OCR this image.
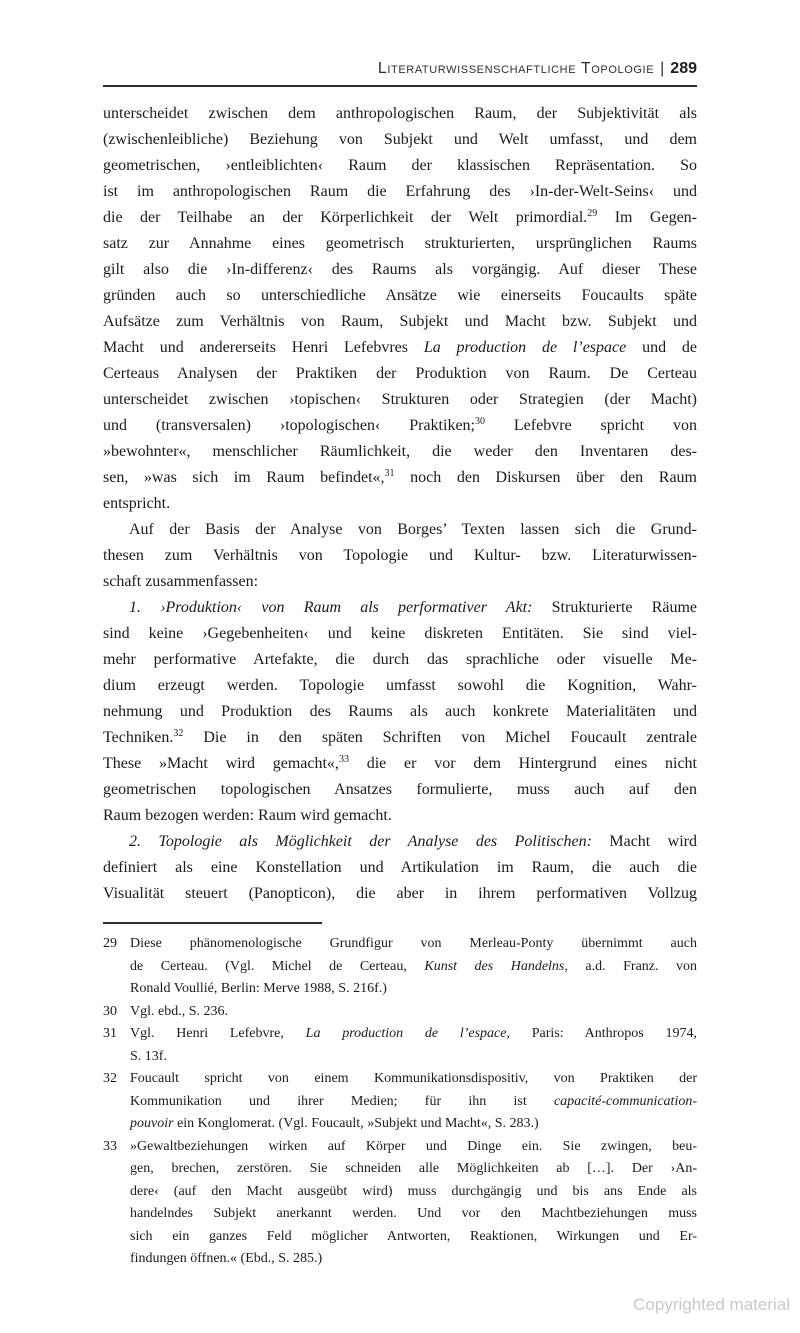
Literaturwissenschaftliche Topologie | 289
unterscheidet zwischen dem anthropologischen Raum, der Subjektivität als
(zwischenleibliche) Beziehung von Subjekt und Welt umfasst, und dem
geometrischen, ›entleiblichten‹ Raum der klassischen Repräsentation. So
ist im anthropologischen Raum die Erfahrung des ›In-der-Welt-Seins‹ und
die der Teilhabe an der Körperlichkeit der Welt primordial.$^{29}$ Im Gegen-
satz zur Annahme eines geometrisch strukturierten, ursprünglichen Raums
gilt also die ›In-differenz‹ des Raums als vorgängig. Auf dieser These
gründen auch so unterschiedliche Ansätze wie einerseits Foucaults späte
Aufsätze zum Verhältnis von Raum, Subjekt und Macht bzw. Subjekt und
Macht und andererseits Henri Lefebvres La production de l’espace und de
Certeaus Analysen der Praktiken der Produktion von Raum. De Certeau
unterscheidet zwischen ›topischen‹ Strukturen oder Strategien (der Macht)
und (transversalen) ›topologischen‹ Praktiken;$^{30}$ Lefebvre spricht von
»bewohnter«, menschlicher Räumlichkeit, die weder den Inventaren des-
sen, »was sich im Raum befindet«,$^{31}$ noch den Diskursen über den Raum
entspricht.
Auf der Basis der Analyse von Borges’ Texten lassen sich die Grund-
thesen zum Verhältnis von Topologie und Kultur- bzw. Literaturwissen-
schaft zusammenfassen:
1. ›Produktion‹ von Raum als performativer Akt: Strukturierte Räume
sind keine ›Gegebenheiten‹ und keine diskreten Entitäten. Sie sind viel-
mehr performative Artefakte, die durch das sprachliche oder visuelle Me-
dium erzeugt werden. Topologie umfasst sowohl die Kognition, Wahr-
nehmung und Produktion des Raums als auch konkrete Materialitäten und
Techniken.$^{32}$ Die in den späten Schriften von Michel Foucault zentrale
These »Macht wird gemacht«,$^{33}$ die er vor dem Hintergrund eines nicht
geometrischen topologischen Ansatzes formulierte, muss auch auf den
Raum bezogen werden: Raum wird gemacht.
2. Topologie als Möglichkeit der Analyse des Politischen: Macht wird
definiert als eine Konstellation und Artikulation im Raum, die auch die
Visualität steuert (Panopticon), die aber in ihrem performativen Vollzug
29 Diese phänomenologische Grundfigur von Merleau-Ponty übernimmt auch
de Certeau. (Vgl. Michel de Certeau, Kunst des Handelns, a.d. Franz. von
Ronald Voullié, Berlin: Merve 1988, S. 216f.)
30 Vgl. ebd., S. 236.
31 Vgl. Henri Lefebvre, La production de l’espace, Paris: Anthropos 1974,
S. 13f.
32 Foucault spricht von einem Kommunikationsdispositiv, von Praktiken der
Kommunikation und ihrer Medien; für ihn ist capacité-communication-
pouvoir ein Konglomerat. (Vgl. Foucault, »Subjekt und Macht«, S. 283.)
33 »Gewaltbeziehungen wirken auf Körper und Dinge ein. Sie zwingen, beu-
gen, brechen, zerstören. Sie schneiden alle Möglichkeiten ab […]. Der ›An-
dere‹ (auf den Macht ausgeübt wird) muss durchgängig und bis ans Ende als
handelndes Subjekt anerkannt werden. Und vor den Machtbeziehungen muss
sich ein ganzes Feld möglicher Antworten, Reaktionen, Wirkungen und Er-
findungen öffnen.« (Ebd., S. 285.)
Copyrighted material
